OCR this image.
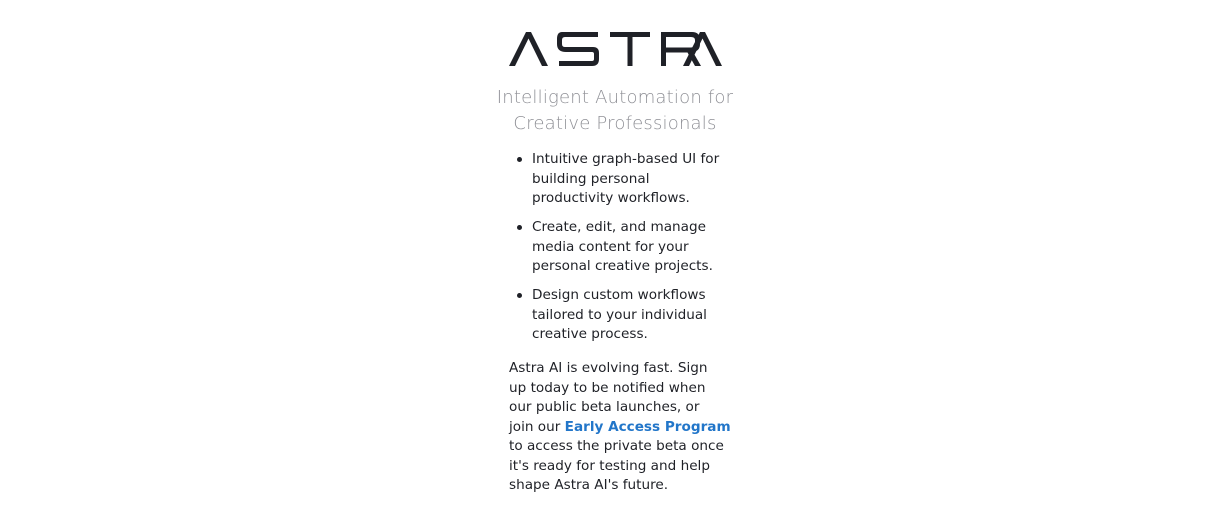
Intelligent Automation for
Creative Professionals
Intuitive graph-based UI for
building personal
productivity workflows.
Create, edit, and manage
media content for your
personal creative projects.
Design custom workflows
tailored to your individual
creative process.
Astra AI is evolving fast. Sign
up today to be notified when
our public beta launches, or
join our Early Access Program
to access the private beta once
it's ready for testing and help
shape Astra AI's future.
